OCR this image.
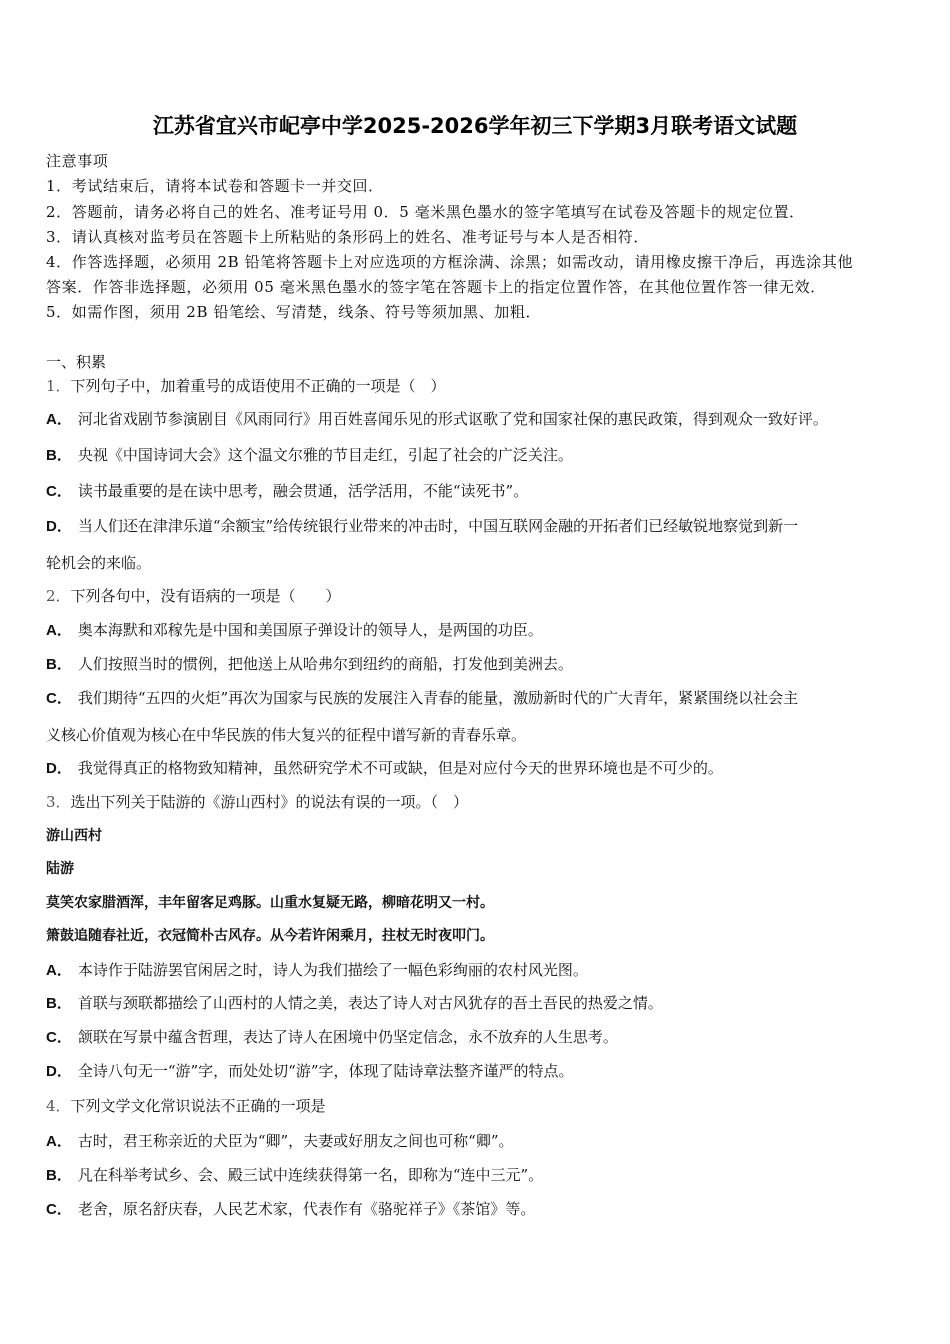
江苏省宜兴市屺亭中学2025-2026学年初三下学期3月联考语文试题
注意事项
1．考试结束后，请将本试卷和答题卡一并交回．
2．答题前，请务必将自己的姓名、准考证号用 0．5 毫米黑色墨水的签字笔填写在试卷及答题卡的规定位置．
3．请认真核对监考员在答题卡上所粘贴的条形码上的姓名、准考证号与本人是否相符．
4．作答选择题，必须用 2B 铅笔将答题卡上对应选项的方框涂满、涂黑；如需改动，请用橡皮擦干净后，再选涂其他
答案．作答非选择题，必须用 05 毫米黑色墨水的签字笔在答题卡上的指定位置作答，在其他位置作答一律无效．
5．如需作图，须用 2B 铅笔绘、写清楚，线条、符号等须加黑、加粗．
一、积累
1．下列句子中，加着重号的成语使用不正确的一项是（　）
A． 河北省戏剧节参演剧目《风雨同行》用百姓喜闻乐见的形式讴歌了党和国家社保的惠民政策，得到观众一致好评。
B． 央视《中国诗词大会》这个温文尔雅的节目走红，引起了社会的广泛关注。
C． 读书最重要的是在读中思考，融会贯通，活学活用，不能“读死书”。
D． 当人们还在津津乐道“余额宝”给传统银行业带来的冲击时，中国互联网金融的开拓者们已经敏锐地察觉到新一
轮机会的来临。
2．下列各句中，没有语病的一项是（　　）
A． 奥本海默和邓稼先是中国和美国原子弹设计的领导人，是两国的功臣。
B． 人们按照当时的惯例，把他送上从哈弗尔到纽约的商船，打发他到美洲去。
C． 我们期待“五四的火炬”再次为国家与民族的发展注入青春的能量，激励新时代的广大青年，紧紧围绕以社会主
义核心价值观为核心在中华民族的伟大复兴的征程中谱写新的青春乐章。
D． 我觉得真正的格物致知精神，虽然研究学术不可或缺，但是对应付今天的世界环境也是不可少的。
3．选出下列关于陆游的《游山西村》的说法有误的一项。（　）
游山西村
陆游
莫笑农家腊酒浑，丰年留客足鸡豚。山重水复疑无路，柳暗花明又一村。
箫鼓追随春社近，衣冠简朴古风存。从今若许闲乘月，拄杖无时夜叩门。
A． 本诗作于陆游罢官闲居之时，诗人为我们描绘了一幅色彩绚丽的农村风光图。
B． 首联与颈联都描绘了山西村的人情之美，表达了诗人对古风犹存的吾土吾民的热爱之情。
C． 颔联在写景中蕴含哲理，表达了诗人在困境中仍坚定信念，永不放弃的人生思考。
D． 全诗八句无一“游”字，而处处切“游”字，体现了陆诗章法整齐谨严的特点。
4．下列文学文化常识说法不正确的一项是
A． 古时，君王称亲近的犬臣为“卿”，夫妻或好朋友之间也可称“卿”。
B． 凡在科举考试乡、会、殿三试中连续获得第一名，即称为“连中三元”。
C． 老舍，原名舒庆春，人民艺术家，代表作有《骆驼祥子》《茶馆》等。
